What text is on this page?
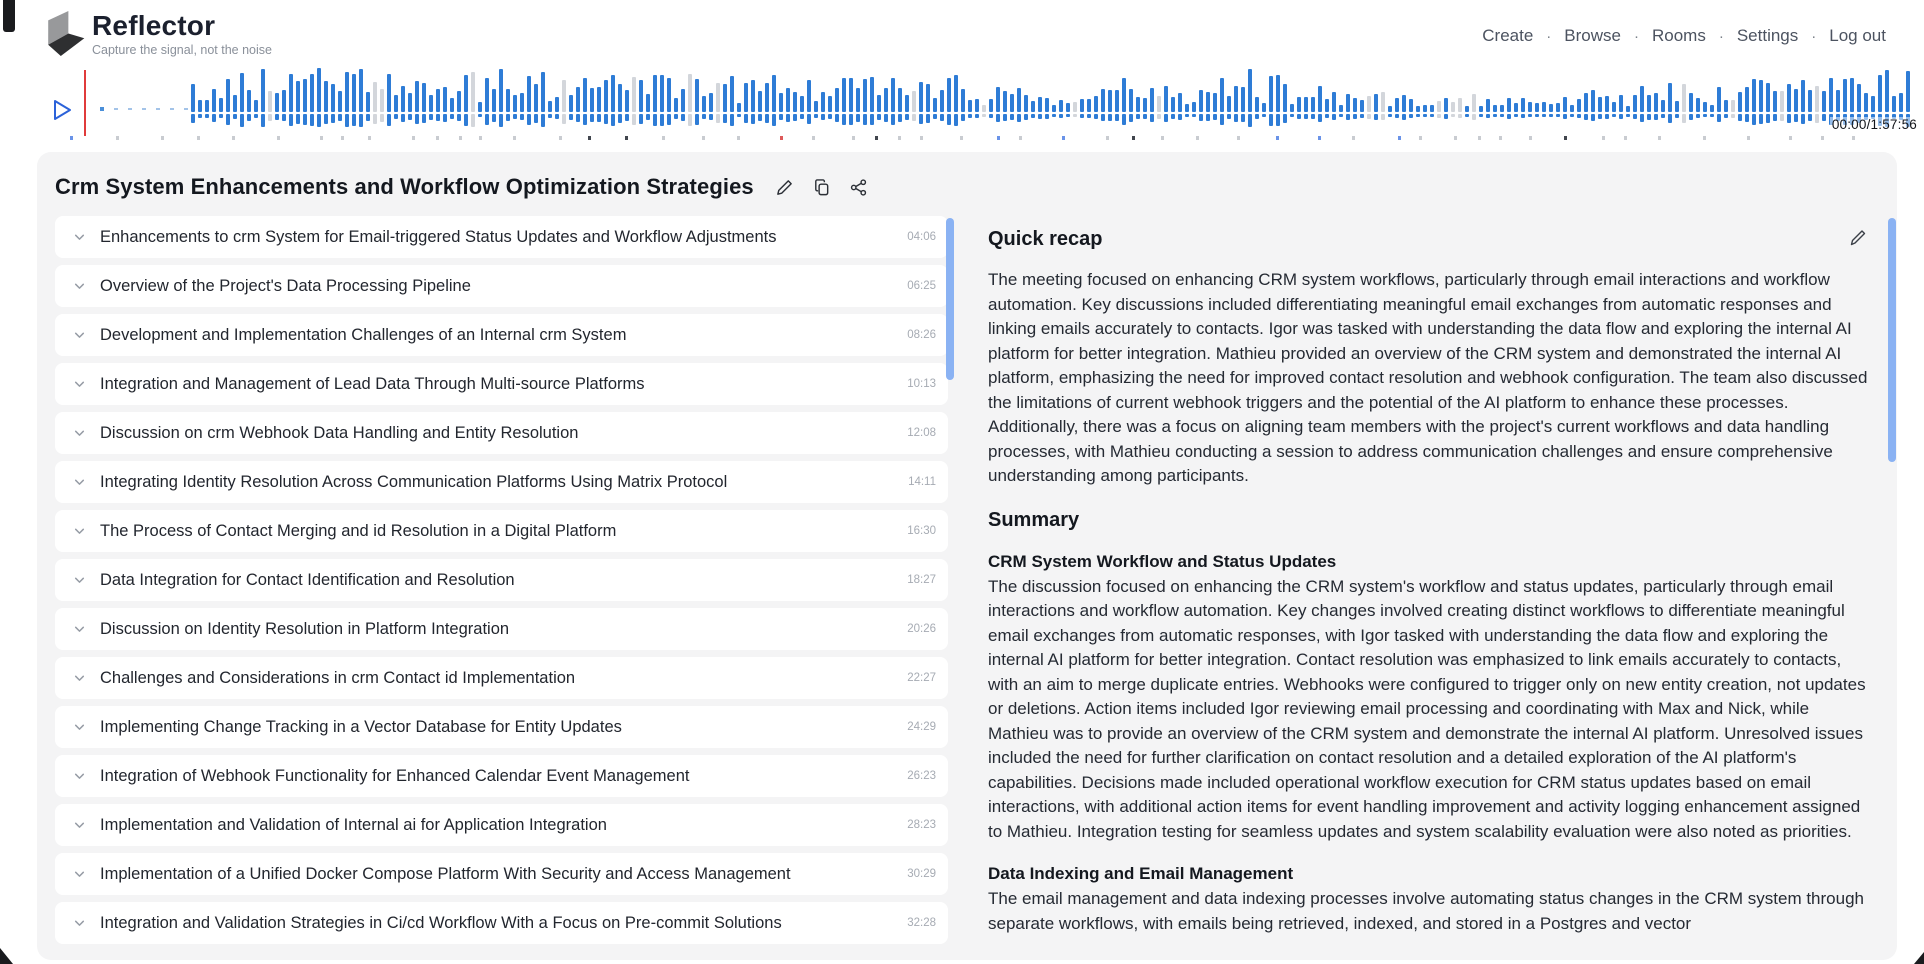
Reflector
Capture the signal, not the noise
Create · Browse · Rooms · Settings · Log out
00:00/1:57:56
Crm System Enhancements and Workflow Optimization Strategies
Enhancements to crm System for Email-triggered Status Updates and Workflow Adjustments	04:06
Overview of the Project's Data Processing Pipeline	06:25
Development and Implementation Challenges of an Internal crm System	08:26
Integration and Management of Lead Data Through Multi-source Platforms	10:13
Discussion on crm Webhook Data Handling and Entity Resolution	12:08
Integrating Identity Resolution Across Communication Platforms Using Matrix Protocol	14:11
The Process of Contact Merging and id Resolution in a Digital Platform	16:30
Data Integration for Contact Identification and Resolution	18:27
Discussion on Identity Resolution in Platform Integration	20:26
Challenges and Considerations in crm Contact id Implementation	22:27
Implementing Change Tracking in a Vector Database for Entity Updates	24:29
Integration of Webhook Functionality for Enhanced Calendar Event Management	26:23
Implementation and Validation of Internal ai for Application Integration	28:23
Implementation of a Unified Docker Compose Platform With Security and Access Management	30:29
Integration and Validation Strategies in Ci/cd Workflow With a Focus on Pre-commit Solutions	32:28
Quick recap

The meeting focused on enhancing CRM system workflows, particularly through email interactions and workflow automation. Key discussions included differentiating meaningful email exchanges from automatic responses and linking emails accurately to contacts. Igor was tasked with understanding the data flow and exploring the internal AI platform for better integration. Mathieu provided an overview of the CRM system and demonstrated the internal AI platform, emphasizing the need for improved contact resolution and webhook configuration. The team also discussed the limitations of current webhook triggers and the potential of the AI platform to enhance these processes. Additionally, there was a focus on aligning team members with the project's current workflows and data handling processes, with Mathieu conducting a session to address communication challenges and ensure comprehensive understanding among participants.

Summary
CRM System Workflow and Status Updates

The discussion focused on enhancing the CRM system's workflow and status updates, particularly through email interactions and workflow automation. Key changes involved creating distinct workflows to differentiate meaningful email exchanges from automatic responses, with Igor tasked with understanding the data flow and exploring the internal AI platform for better integration. Contact resolution was emphasized to link emails accurately to contacts, with an aim to merge duplicate entries. Webhooks were configured to trigger only on new entity creation, not updates or deletions. Action items included Igor reviewing email processing and coordinating with Max and Nick, while Mathieu was to provide an overview of the CRM system and demonstrate the internal AI platform. Unresolved issues included the need for further clarification on contact resolution and a detailed exploration of the AI platform's capabilities. Decisions made included operational workflow execution for CRM status updates based on email interactions, with additional action items for event handling improvement and activity logging enhancement assigned to Mathieu. Integration testing for seamless updates and system scalability evaluation were also noted as priorities.

Data Indexing and Email Management

The email management and data indexing processes involve automating status changes in the CRM system through separate workflows, with emails being retrieved, indexed, and stored in a Postgres and vector
